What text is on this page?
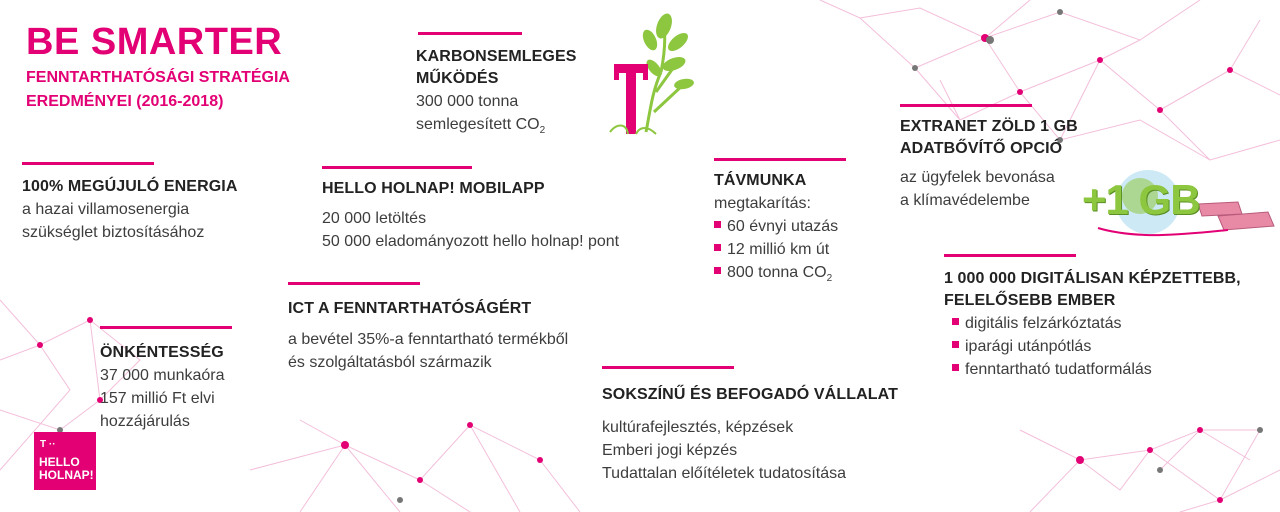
BE SMARTER
FENNTARTHATÓSÁGI STRATÉGIA
EREDMÉNYEI (2016-2018)
KARBONSEMLEGES
MŰKÖDÉS
300 000 tonna
semlegesített $CO_2$
100% MEGÚJULÓ ENERGIA
a hazai villamosenergia
szükséglet biztosításához
HELLO HOLNAP! MOBILAPP
20 000 letöltés
50 000 eladományozott hello holnap! pont
TÁVMUNKA
megtakarítás:
60 évnyi utazás
12 millió km út
800 tonna $CO_2$
EXTRANET ZÖLD 1 GB
ADATBŐVÍTŐ OPCIÓ
az ügyfelek bevonása
a klímavédelembe	+1 GB
ICT A FENNTARTHATÓSÁGÉRT
a bevétel 35%-a fenntartható termékből
és szolgáltatásból származik
ÖNKÉNTESSÉG
37 000 munkaóra
157 millió Ft elvi
hozzájárulás
1 000 000 DIGITÁLISAN KÉPZETTEBB,
FELELŐSEBB EMBER
digitális felzárkóztatás
iparági utánpótlás
fenntartható tudatformálás
SOKSZÍNŰ ÉS BEFOGADÓ VÁLLALAT
kultúrafejlesztés, képzések
Emberi jogi képzés
Tudattalan előítéletek tudatosítása
T ··
HELLO
HOLNAP!
